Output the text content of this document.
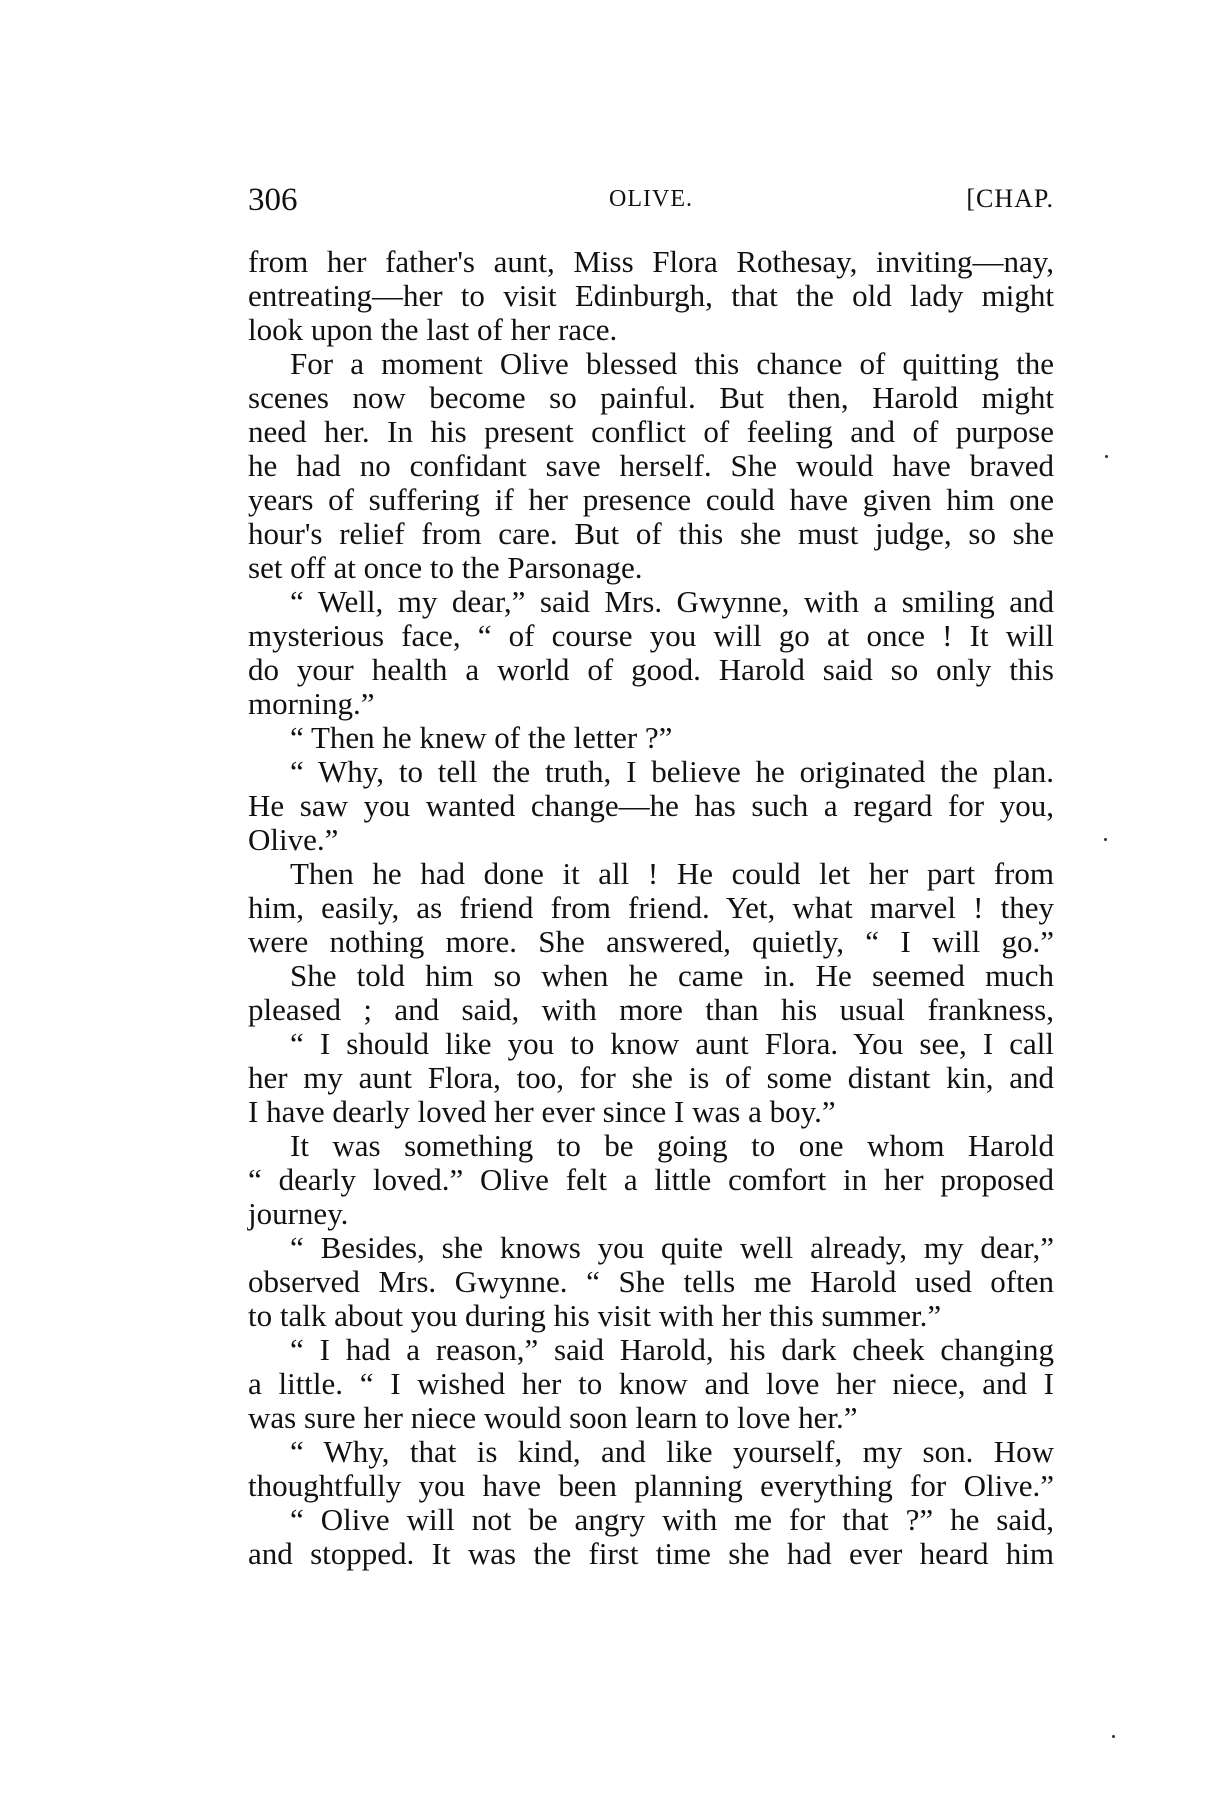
306	OLIVE.	[CHAP.
from her father's aunt, Miss Flora Rothesay, inviting—nay,
entreating—her to visit Edinburgh, that the old lady might
look upon the last of her race.
For a moment Olive blessed this chance of quitting the
scenes now become so painful. But then, Harold might
need her. In his present conflict of feeling and of purpose
he had no confidant save herself. She would have braved
years of suffering if her presence could have given him one
hour's relief from care. But of this she must judge, so she
set off at once to the Parsonage.
“ Well, my dear,” said Mrs. Gwynne, with a smiling and
mysterious face, “ of course you will go at once ! It will
do your health a world of good. Harold said so only this
morning.”
“ Then he knew of the letter ?”
“ Why, to tell the truth, I believe he originated the plan.
He saw you wanted change—he has such a regard for you,
Olive.”
Then he had done it all ! He could let her part from
him, easily, as friend from friend. Yet, what marvel ! they
were nothing more. She answered, quietly, “ I will go.”
She told him so when he came in. He seemed much
pleased ; and said, with more than his usual frankness,
“ I should like you to know aunt Flora. You see, I call
her my aunt Flora, too, for she is of some distant kin, and
I have dearly loved her ever since I was a boy.”
It was something to be going to one whom Harold
“ dearly loved.” Olive felt a little comfort in her proposed
journey.
“ Besides, she knows you quite well already, my dear,”
observed Mrs. Gwynne. “ She tells me Harold used often
to talk about you during his visit with her this summer.”
“ I had a reason,” said Harold, his dark cheek changing
a little. “ I wished her to know and love her niece, and I
was sure her niece would soon learn to love her.”
“ Why, that is kind, and like yourself, my son. How
thoughtfully you have been planning everything for Olive.”
“ Olive will not be angry with me for that ?” he said,
and stopped. It was the first time she had ever heard him
